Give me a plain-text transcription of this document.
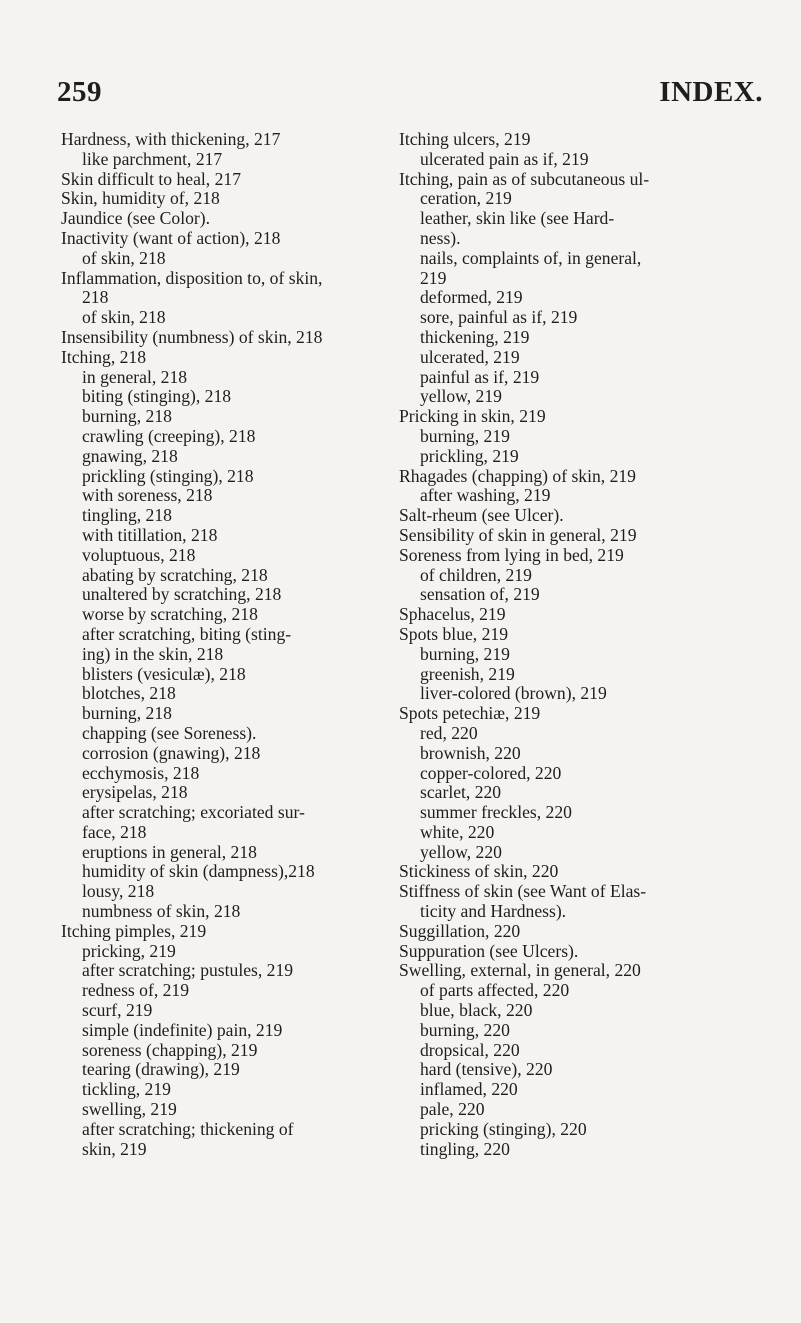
259	INDEX.
Hardness, with thickening, 217
like parchment, 217
Skin difficult to heal, 217
Skin, humidity of, 218
Jaundice (see Color).
Inactivity (want of action), 218
of skin, 218
Inflammation, disposition to, of skin,
218
of skin, 218
Insensibility (numbness) of skin, 218
Itching, 218
in general, 218
biting (stinging), 218
burning, 218
crawling (creeping), 218
gnawing, 218
prickling (stinging), 218
with soreness, 218
tingling, 218
with titillation, 218
voluptuous, 218
abating by scratching, 218
unaltered by scratching, 218
worse by scratching, 218
after scratching, biting (sting-
ing) in the skin, 218
blisters (vesiculæ), 218
blotches, 218
burning, 218
chapping (see Soreness).
corrosion (gnawing), 218
ecchymosis, 218
erysipelas, 218
after scratching; excoriated sur-
face, 218
eruptions in general, 218
humidity of skin (dampness),218
lousy, 218
numbness of skin, 218
Itching pimples, 219
pricking, 219
after scratching; pustules, 219
redness of, 219
scurf, 219
simple (indefinite) pain, 219
soreness (chapping), 219
tearing (drawing), 219
tickling, 219
swelling, 219
after scratching; thickening of
skin, 219
Itching ulcers, 219
ulcerated pain as if, 219
Itching, pain as of subcutaneous ul-
ceration, 219
leather, skin like (see Hard-
ness).
nails, complaints of, in general,
219
deformed, 219
sore, painful as if, 219
thickening, 219
ulcerated, 219
painful as if, 219
yellow, 219
Pricking in skin, 219
burning, 219
prickling, 219
Rhagades (chapping) of skin, 219
after washing, 219
Salt-rheum (see Ulcer).
Sensibility of skin in general, 219
Soreness from lying in bed, 219
of children, 219
sensation of, 219
Sphacelus, 219
Spots blue, 219
burning, 219
greenish, 219
liver-colored (brown), 219
Spots petechiæ, 219
red, 220
brownish, 220
copper-colored, 220
scarlet, 220
summer freckles, 220
white, 220
yellow, 220
Stickiness of skin, 220
Stiffness of skin (see Want of Elas-
ticity and Hardness).
Suggillation, 220
Suppuration (see Ulcers).
Swelling, external, in general, 220
of parts affected, 220
blue, black, 220
burning, 220
dropsical, 220
hard (tensive), 220
inflamed, 220
pale, 220
pricking (stinging), 220
tingling, 220
